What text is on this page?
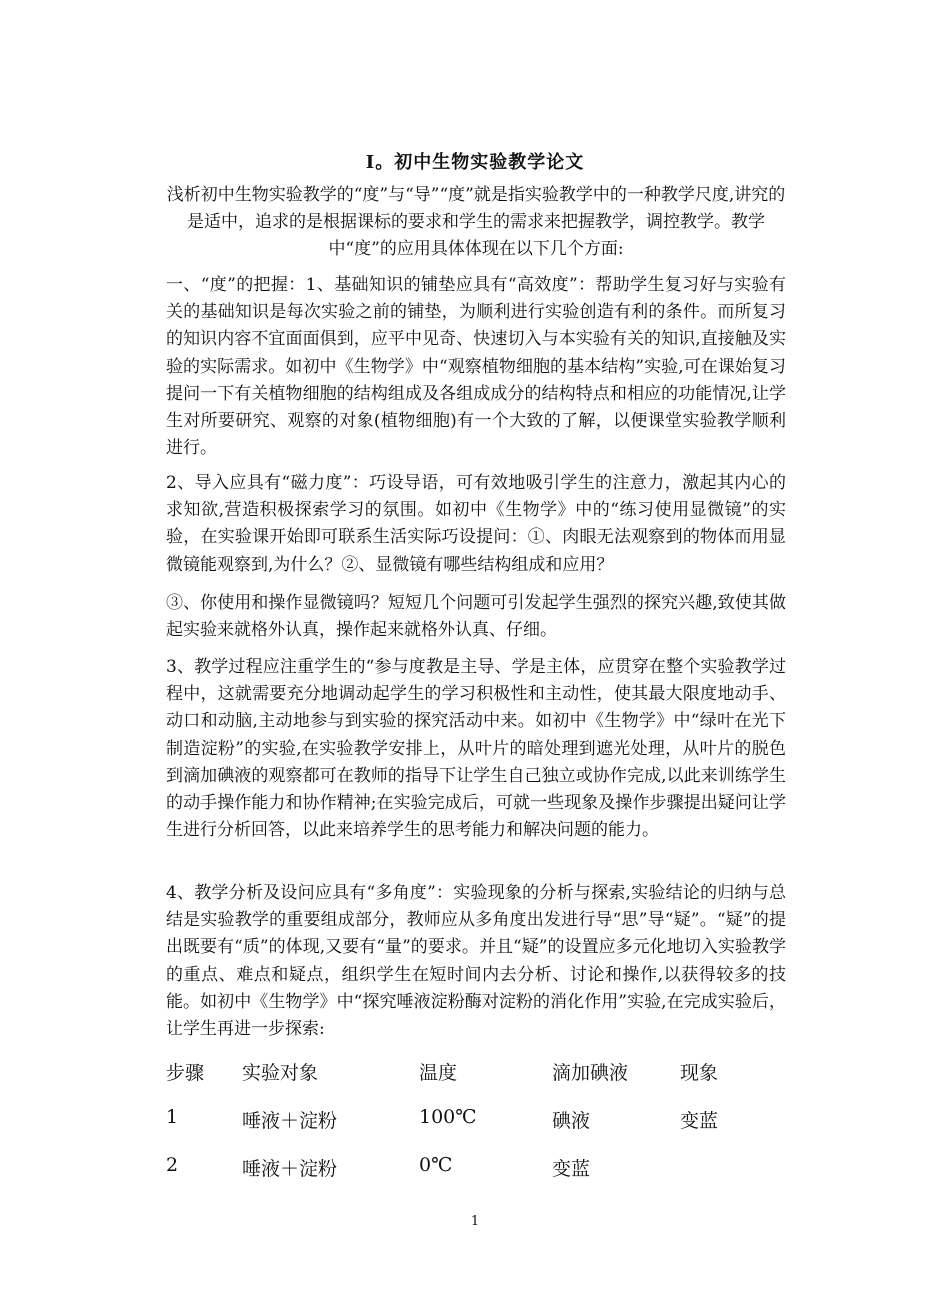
Ⅰ。初中生物实验教学论文
浅析初中生物实验教学的“度”与“导”“度”就是指实验教学中的一种教学尺度,讲究的是适中，追求的是根据课标的要求和学生的需求来把握教学，调控教学。教学中“度”的应用具体体现在以下几个方面:
一、“度”的把握：1、基础知识的铺垫应具有“高效度”：帮助学生复习好与实验有关的基础知识是每次实验之前的铺垫，为顺利进行实验创造有利的条件。而所复习的知识内容不宜面面俱到，应平中见奇、快速切入与本实验有关的知识,直接触及实验的实际需求。如初中《生物学》中“观察植物细胞的基本结构”实验,可在课始复习提问一下有关植物细胞的结构组成及各组成成分的结构特点和相应的功能情况,让学生对所要研究、观察的对象(植物细胞)有一个大致的了解，以便课堂实验教学顺利进行。
2、导入应具有“磁力度”：巧设导语，可有效地吸引学生的注意力，激起其内心的求知欲,营造积极探索学习的氛围。如初中《生物学》中的“练习使用显微镜”的实验，在实验课开始即可联系生活实际巧设提问：①、肉眼无法观察到的物体而用显微镜能观察到,为什么？②、显微镜有哪些结构组成和应用？
③、你使用和操作显微镜吗？短短几个问题可引发起学生强烈的探究兴趣,致使其做起实验来就格外认真，操作起来就格外认真、仔细。
3、教学过程应注重学生的“参与度教是主导、学是主体，应贯穿在整个实验教学过程中，这就需要充分地调动起学生的学习积极性和主动性，使其最大限度地动手、动口和动脑,主动地参与到实验的探究活动中来。如初中《生物学》中“绿叶在光下制造淀粉”的实验,在实验教学安排上，从叶片的暗处理到遮光处理，从叶片的脱色到滴加碘液的观察都可在教师的指导下让学生自己独立或协作完成,以此来训练学生的动手操作能力和协作精神;在实验完成后，可就一些现象及操作步骤提出疑问让学生进行分析回答，以此来培养学生的思考能力和解决问题的能力。
4、教学分析及设问应具有“多角度”：实验现象的分析与探索,实验结论的归纳与总结是实验教学的重要组成部分，教师应从多角度出发进行导“思”导“疑”。“疑”的提出既要有“质”的体现,又要有“量”的要求。并且“疑”的设置应多元化地切入实验教学的重点、难点和疑点，组织学生在短时间内去分析、讨论和操作,以获得较多的技能。如初中《生物学》中“探究唾液淀粉酶对淀粉的消化作用”实验,在完成实验后，让学生再进一步探索:
步骤 实验对象	温度	滴加碘液	现象
1	唾液＋淀粉	100℃	碘液	变蓝
2	唾液＋淀粉	0℃	变蓝
1
